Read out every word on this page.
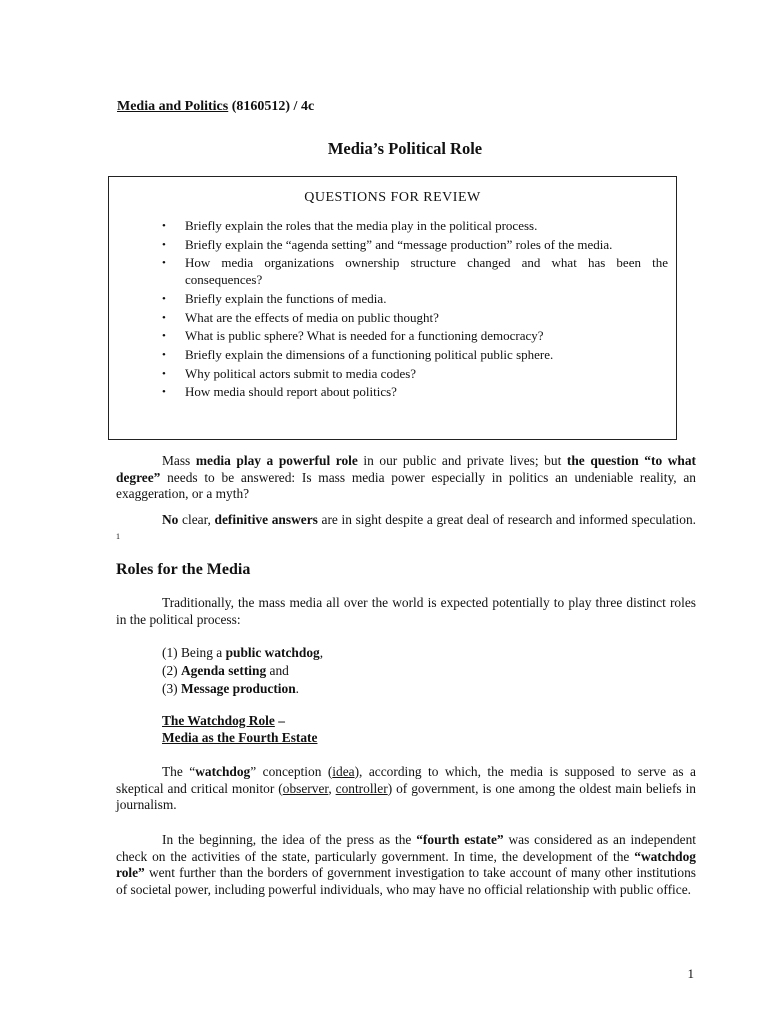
Media and Politics (8160512) / 4c
Media’s Political Role
QUESTIONS FOR REVIEW
• Briefly explain the roles that the media play in the political process.
• Briefly explain the “agenda setting” and “message production” roles of the media.
• How media organizations ownership structure changed and what has been the consequences?
• Briefly explain the functions of media.
• What are the effects of media on public thought?
• What is public sphere? What is needed for a functioning democracy?
• Briefly explain the dimensions of a functioning political public sphere.
• Why political actors submit to media codes?
• How media should report about politics?

Mass media play a powerful role in our public and private lives; but the question “to what degree” needs to be answered: Is mass media power especially in politics an undeniable reality, an exaggeration, or a myth?

No clear, definitive answers are in sight despite a great deal of research and informed speculation. $^1$

Roles for the Media

Traditionally, the mass media all over the world is expected potentially to play three distinct roles in the political process:

(1) Being a public watchdog,
(2) Agenda setting and
(3) Message production.
The Watchdog Role –
Media as the Fourth Estate

The “watchdog” conception (idea), according to which, the media is supposed to serve as a skeptical and critical monitor (observer, controller) of government, is one among the oldest main beliefs in journalism.

In the beginning, the idea of the press as the “fourth estate” was considered as an independent check on the activities of the state, particularly government. In time, the development of the “watchdog role” went further than the borders of government investigation to take account of many other institutions of societal power, including powerful individuals, who may have no official relationship with public office.

1
